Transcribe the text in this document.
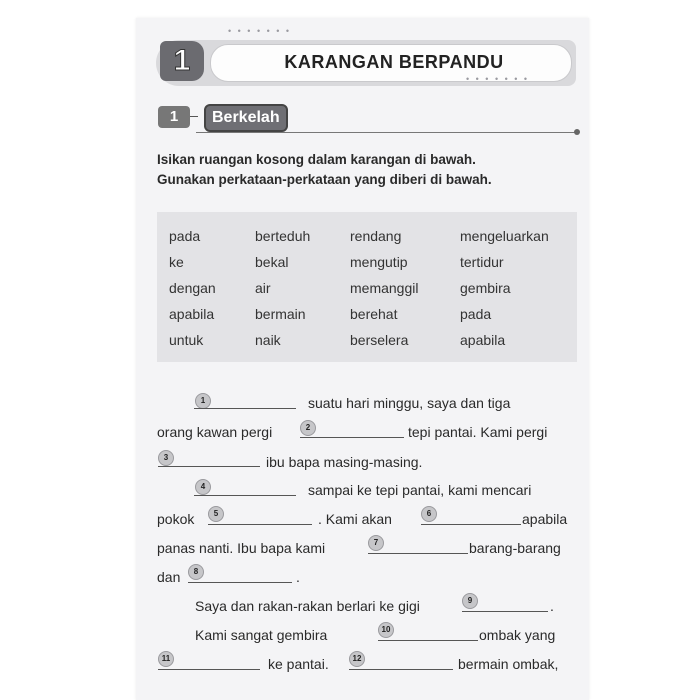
• • • • • • •
KARANGAN BERPANDU
1
• • • • • • •
1	Berkelah
Isikan ruangan kosong dalam karangan di bawah.
Gunakan perkataan-perkataan yang diberi di bawah.
pada	berteduh	rendang	mengeluarkan
ke	bekal	mengutip	tertidur
dengan	air	memanggil	gembira
apabila	bermain	berehat	pada
untuk	naik	berselera	apabila
1	suatu hari minggu, saya dan tiga
orang kawan pergi	2	tepi pantai. Kami pergi
3	ibu bapa masing-masing.
4	sampai ke tepi pantai, kami mencari
pokok	5	. Kami akan	6	apabila
panas nanti. Ibu bapa kami	7	barang-barang
dan	8	.
Saya dan rakan-rakan berlari ke gigi	9	.
Kami sangat gembira	10	ombak yang
11	ke pantai.	12	bermain ombak,
